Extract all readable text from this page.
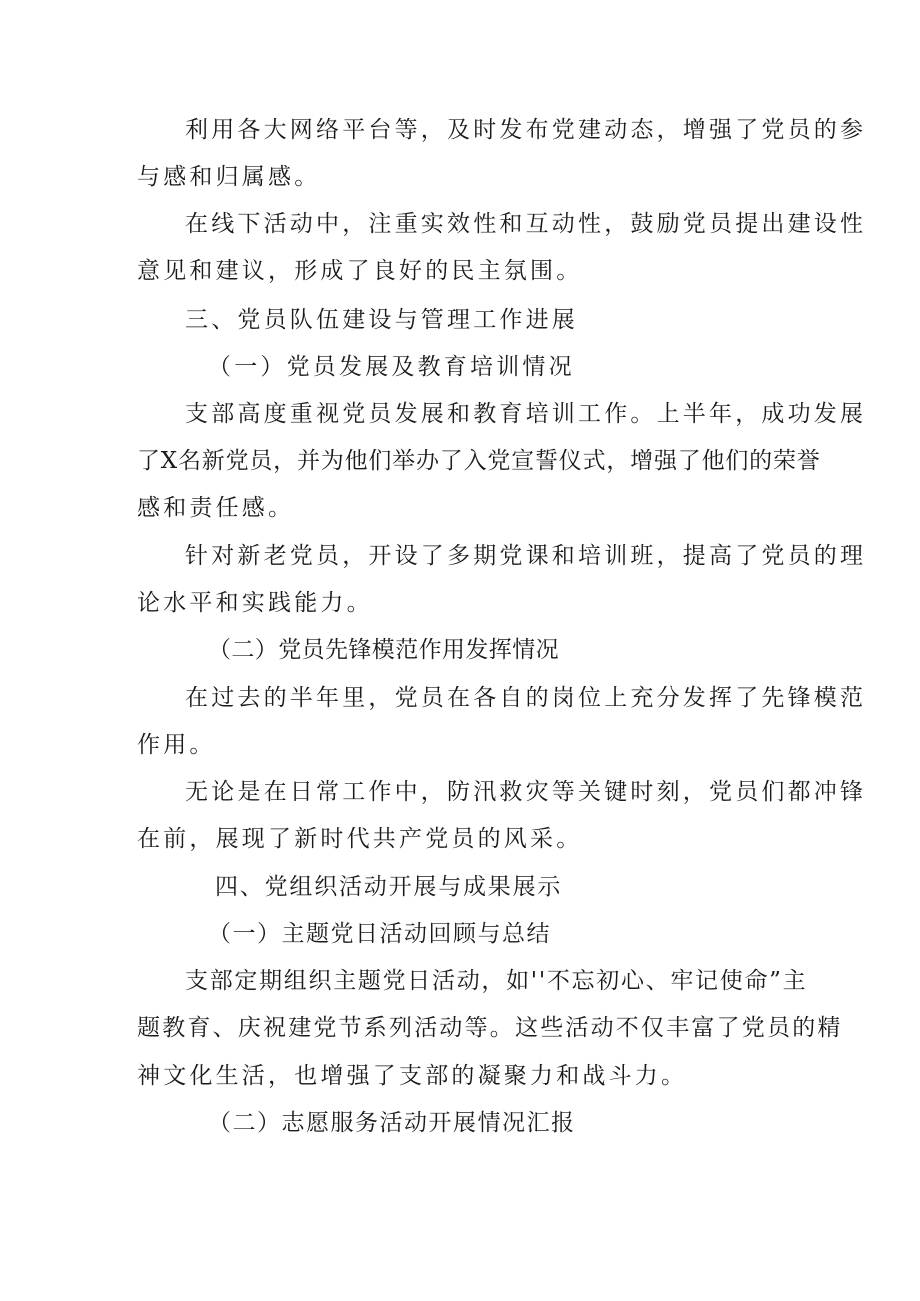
利用各大网络平台等，及时发布党建动态，增强了党员的参

与感和归属感。

在线下活动中，注重实效性和互动性，鼓励党员提出建设性

意见和建议，形成了良好的民主氛围。

三、党员队伍建设与管理工作进展

（一）党员发展及教育培训情况

支部高度重视党员发展和教育培训工作。上半年，成功发展

了X名新党员，并为他们举办了入党宣誓仪式，增强了他们的荣誉

感和责任感。

针对新老党员，开设了多期党课和培训班，提高了党员的理

论水平和实践能力。

（二）党员先锋模范作用发挥情况

在过去的半年里，党员在各自的岗位上充分发挥了先锋模范

作用。

无论是在日常工作中，防汛救灾等关键时刻，党员们都冲锋

在前，展现了新时代共产党员的风采。

四、党组织活动开展与成果展示

（一）主题党日活动回顾与总结

支部定期组织主题党日活动，如''不忘初心、牢记使命”主

题教育、庆祝建党节系列活动等。这些活动不仅丰富了党员的精

神文化生活，也增强了支部的凝聚力和战斗力。

（二）志愿服务活动开展情况汇报
